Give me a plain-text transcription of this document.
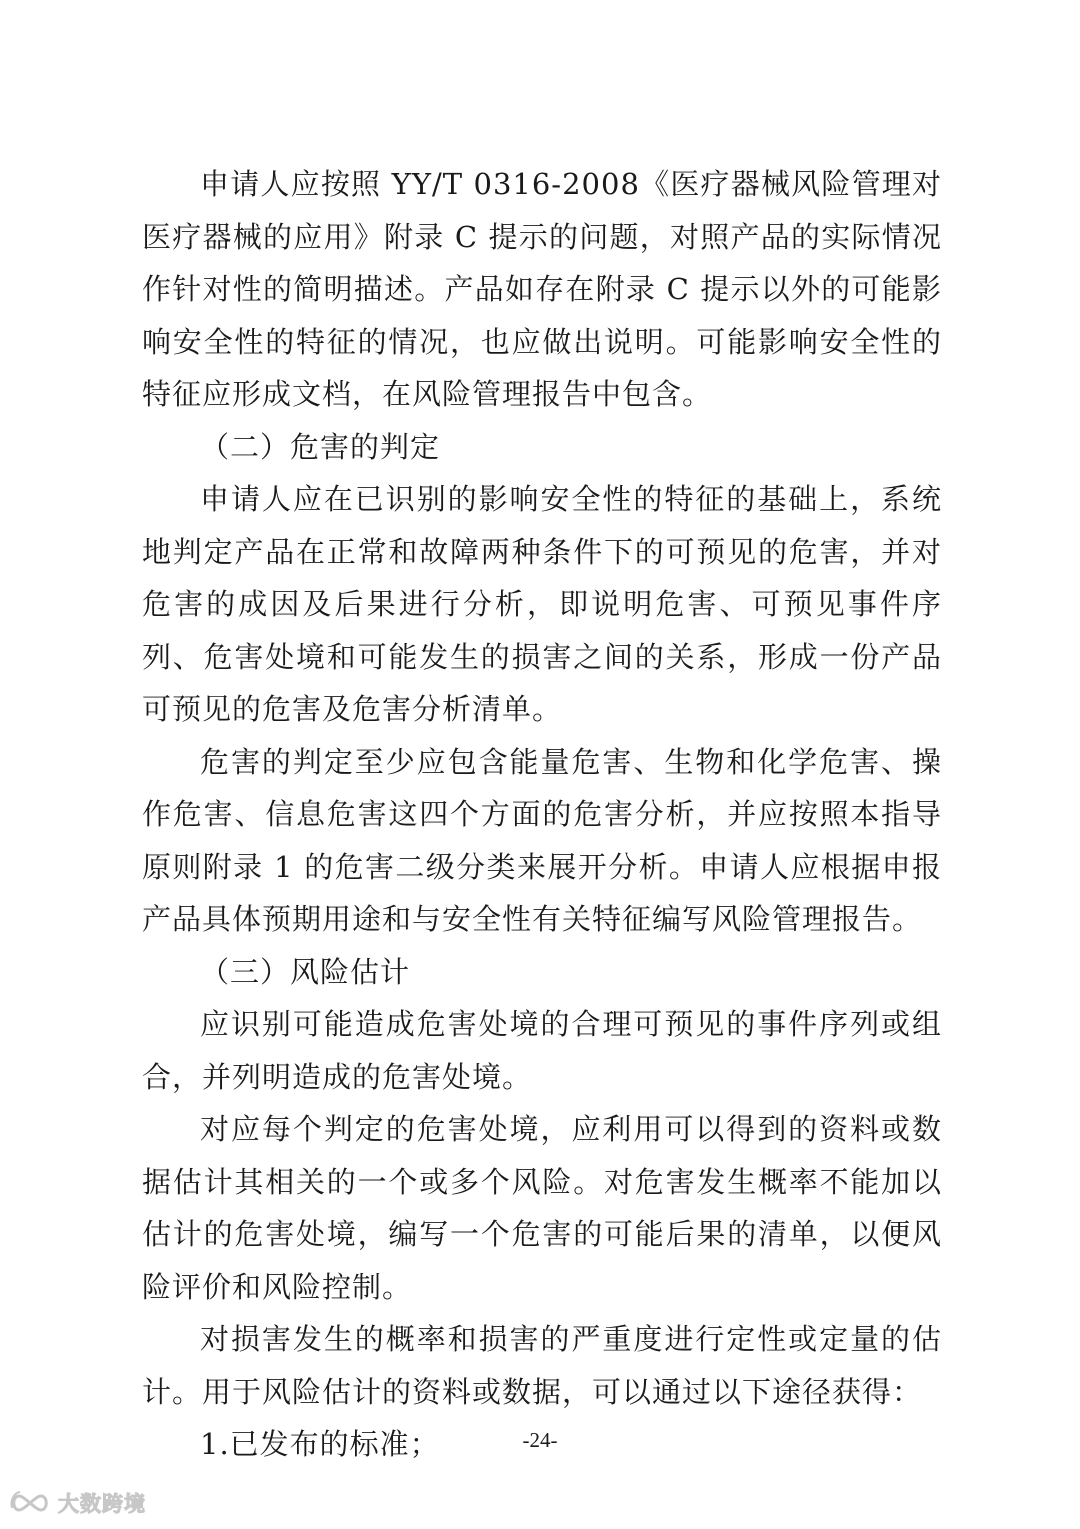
申请人应按照 YY/T 0316-2008《医疗器械风险管理对医疗器械的应用》附录 C 提示的问题，对照产品的实际情况作针对性的简明描述。产品如存在附录 C 提示以外的可能影响安全性的特征的情况，也应做出说明。可能影响安全性的特征应形成文档，在风险管理报告中包含。

（二）危害的判定

申请人应在已识别的影响安全性的特征的基础上，系统地判定产品在正常和故障两种条件下的可预见的危害，并对危害的成因及后果进行分析，即说明危害、可预见事件序列、危害处境和可能发生的损害之间的关系，形成一份产品可预见的危害及危害分析清单。

危害的判定至少应包含能量危害、生物和化学危害、操作危害、信息危害这四个方面的危害分析，并应按照本指导原则附录 1 的危害二级分类来展开分析。申请人应根据申报产品具体预期用途和与安全性有关特征编写风险管理报告。

（三）风险估计

应识别可能造成危害处境的合理可预见的事件序列或组合，并列明造成的危害处境。

对应每个判定的危害处境，应利用可以得到的资料或数据估计其相关的一个或多个风险。对危害发生概率不能加以估计的危害处境，编写一个危害的可能后果的清单，以便风险评价和风险控制。

对损害发生的概率和损害的严重度进行定性或定量的估计。用于风险估计的资料或数据，可以通过以下途径获得：

1.已发布的标准；	-24-
大数跨境
